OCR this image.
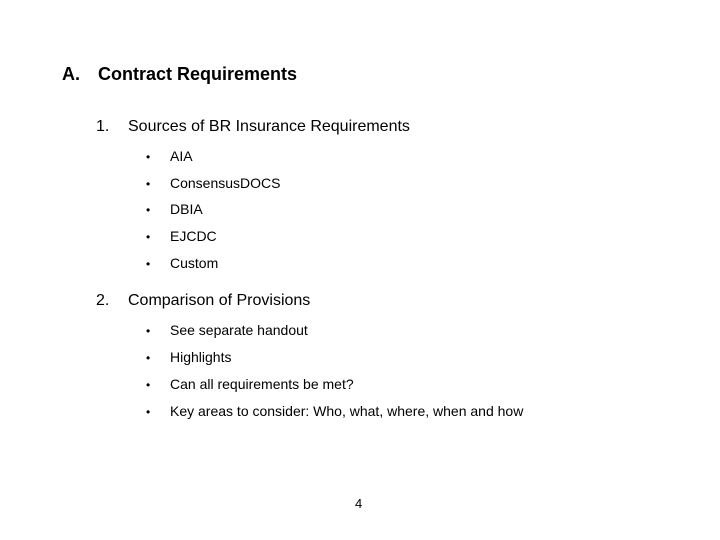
A. Contract Requirements
1. Sources of BR Insurance Requirements
• AIA
• ConsensusDOCS
• DBIA
• EJCDC
• Custom
2. Comparison of Provisions
• See separate handout
• Highlights
• Can all requirements be met?
• Key areas to consider: Who, what, where, when and how
4
